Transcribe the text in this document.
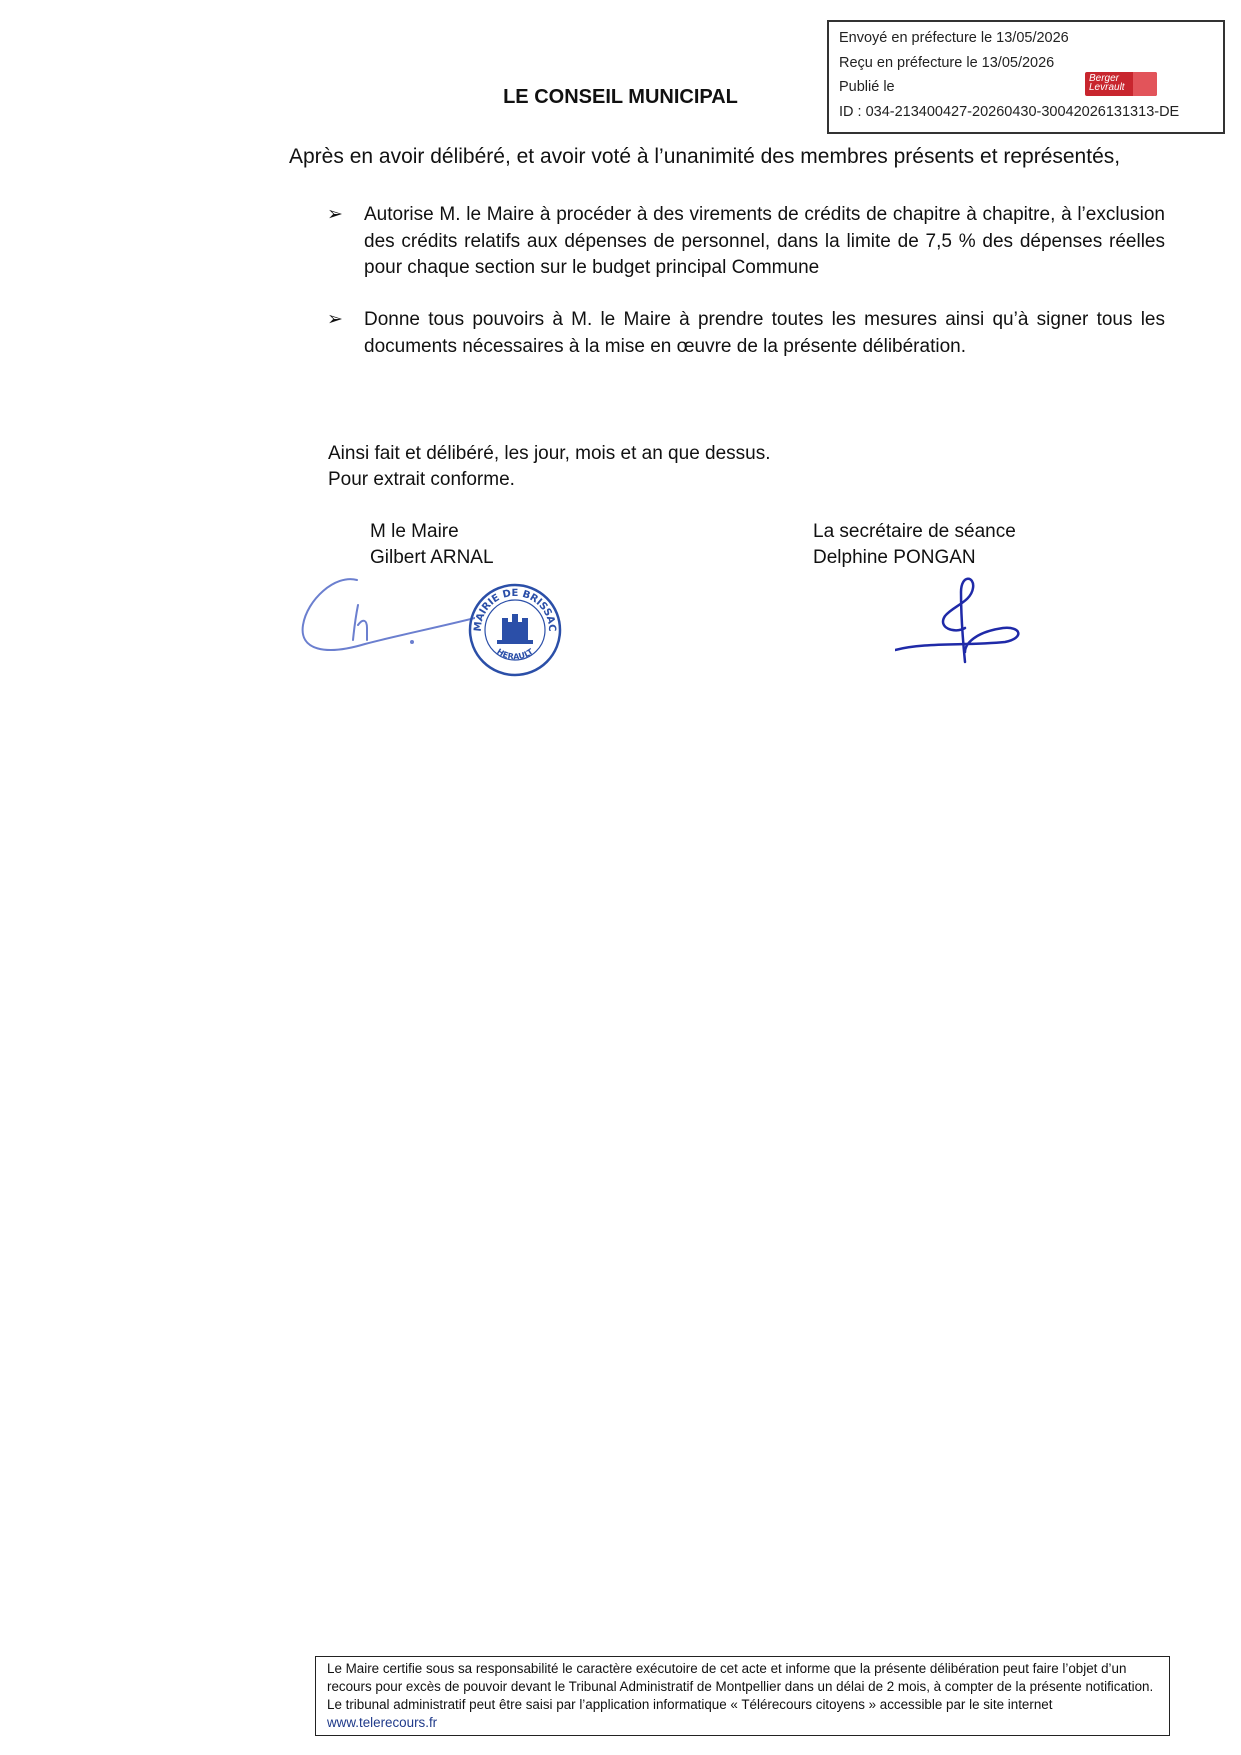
LE CONSEIL MUNICIPAL
Envoyé en préfecture le 13/05/2026
Reçu en préfecture le 13/05/2026
Publié le
ID : 034-213400427-20260430-30042026131313-DE
Berger
Levrault
Après en avoir délibéré, et avoir voté à l’unanimité des membres présents et représentés,
➢ Autorise M. le Maire à procéder à des virements de crédits de chapitre à chapitre, à l’exclusion des crédits relatifs aux dépenses de personnel, dans la limite de 7,5 % des dépenses réelles pour chaque section sur le budget principal Commune
➢ Donne tous pouvoirs à M. le Maire à prendre toutes les mesures ainsi qu’à signer tous les documents nécessaires à la mise en œuvre de la présente délibération.
Ainsi fait et délibéré, les jour, mois et an que dessus.
Pour extrait conforme.
M le Maire
Gilbert ARNAL
La secrétaire de séance
Delphine PONGAN
MAIRIE DE BRISSAC
HERAULT
Le Maire certifie sous sa responsabilité le caractère exécutoire de cet acte et informe que la présente délibération peut faire l’objet d’un recours pour excès de pouvoir devant le Tribunal Administratif de Montpellier dans un délai de 2 mois, à compter de la présente notification. Le tribunal administratif peut être saisi par l’application informatique « Télérecours citoyens » accessible par le site internet
www.telerecours.fr
